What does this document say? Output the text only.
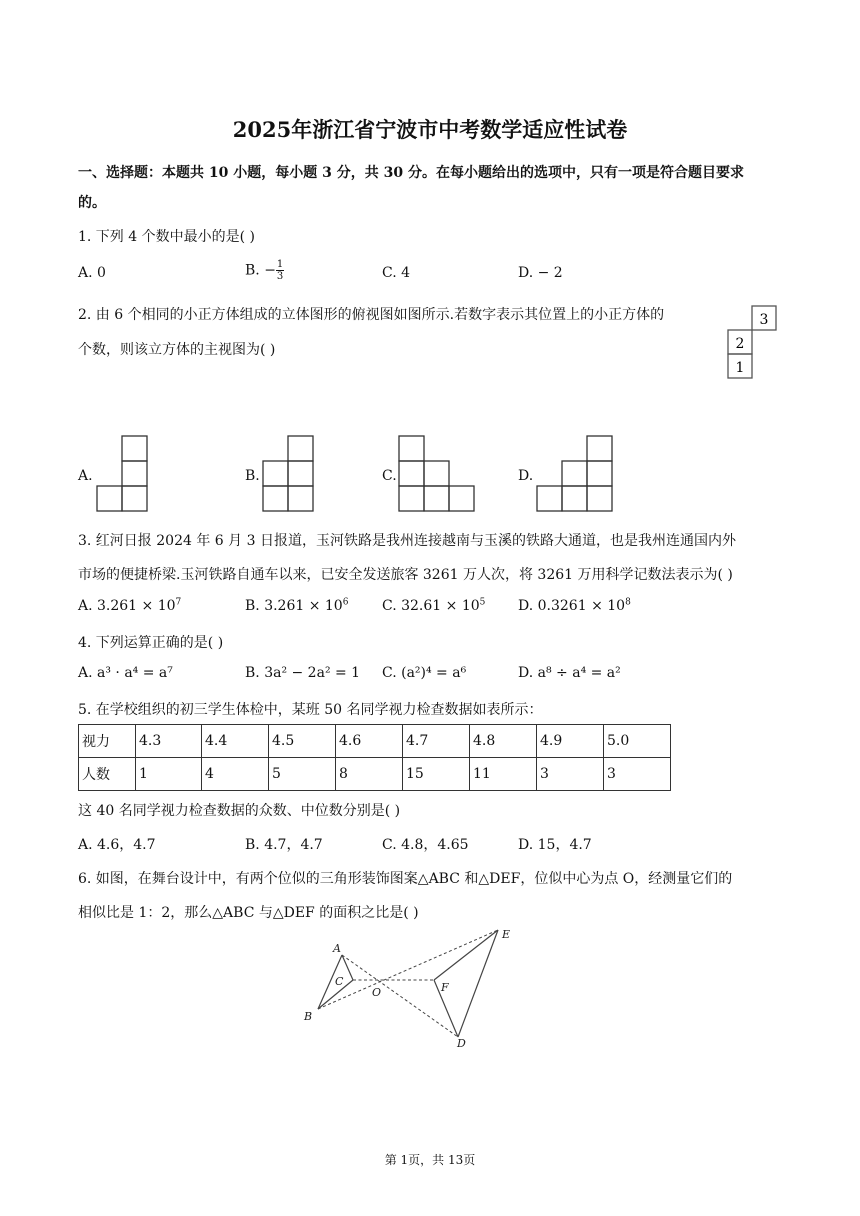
2025年浙江省宁波市中考数学适应性试卷
一、选择题：本题共 10 小题，每小题 3 分，共 30 分。在每小题给出的选项中，只有一项是符合题目要求
的。
1. 下列 4 个数中最小的是( )
A. 0	B. − $\frac{1}{3}$	C. 4	D. − 2
2. 由 6 个相同的小正方体组成的立体图形的俯视图如图所示.若数字表示其位置上的小正方体的
个数，则该立方体的主视图为( )
3
2
1
A.	B.	C.	D.
3. 红河日报 2024 年 6 月 3 日报道，玉河铁路是我州连接越南与玉溪的铁路大通道，也是我州连通国内外
市场的便捷桥梁.玉河铁路自通车以来，已安全发送旅客 3261 万人次，将 3261 万用科学记数法表示为( )
A. $3.261 \times 10^7$	B. $3.261 \times 10^6$ C. $32.61 \times 10^5$ D. $0.3261 \times 10^8$
4. 下列运算正确的是( )
A. a³ · a⁴ = a⁷	B. 3a² − 2a² = 1 C. (a²)⁴ = a⁶	D. a⁸ ÷ a⁴ = a²
5. 在学校组织的初三学生体检中，某班 50 名同学视力检查数据如表所示：
视力	4.3	4.4	4.5	4.6	4.7	4.8	4.9	5.0
人数	1	4	5	8	15	11	3	3
这 40 名同学视力检查数据的众数、中位数分别是( )
A. 4.6，4.7	B. 4.7，4.7	C. 4.8，4.65	D. 15，4.7
6. 如图，在舞台设计中，有两个位似的三角形装饰图案△ABC 和△DEF，位似中心为点 O，经测量它们的
相似比是 1：2，那么△ABC 与△DEF 的面积之比是( )
A
B
C
O
D
E
F
第 1页，共 13页
